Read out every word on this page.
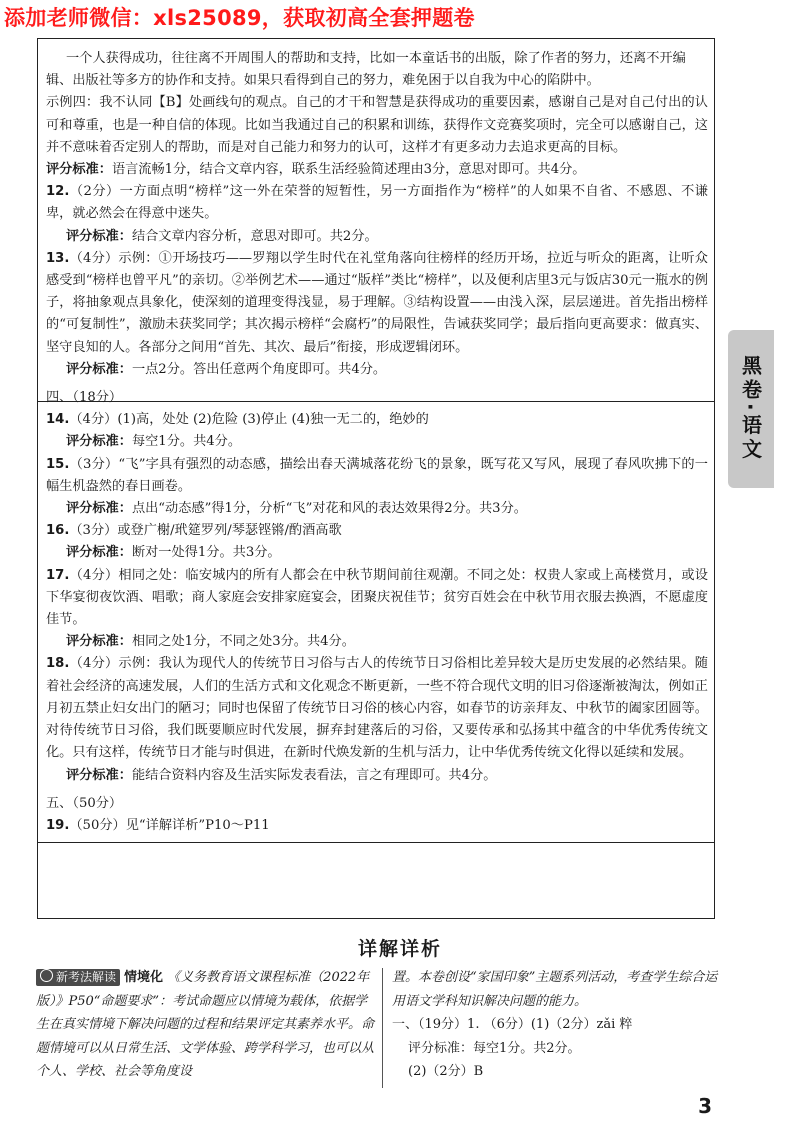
添加老师微信：xls25089，获取初高全套押题卷

一个人获得成功，往往离不开周围人的帮助和支持，比如一本童话书的出版，除了作者的努力，还离不开编

辑、出版社等多方的协作和支持。如果只看得到自己的努力，难免困于以自我为中心的陷阱中。

示例四：我不认同【B】处画线句的观点。自己的才干和智慧是获得成功的重要因素，感谢自己是对自己付出的认可和尊重，也是一种自信的体现。比如当我通过自己的积累和训练，获得作文竞赛奖项时，完全可以感谢自己，这并不意味着否定别人的帮助，而是对自己能力和努力的认可，这样才有更多动力去追求更高的目标。

评分标准：语言流畅1分，结合文章内容，联系生活经验简述理由3分，意思对即可。共4分。

12.（2分）一方面点明“榜样”这一外在荣誉的短暂性，另一方面指作为“榜样”的人如果不自省、不感恩、不谦卑，就必然会在得意中迷失。

评分标准：结合文章内容分析，意思对即可。共2分。

13.（4分）示例：①开场技巧——罗翔以学生时代在礼堂角落向往榜样的经历开场，拉近与听众的距离，让听众感受到“榜样也曾平凡”的亲切。②举例艺术——通过“版样”类比“榜样”，以及便利店里3元与饭店30元一瓶水的例子，将抽象观点具象化，使深刻的道理变得浅显，易于理解。③结构设置——由浅入深，层层递进。首先指出榜样的“可复制性”，激励未获奖同学；其次揭示榜样“会腐朽”的局限性，告诫获奖同学；最后指向更高要求：做真实、坚守良知的人。各部分之间用“首先、其次、最后”衔接，形成逻辑闭环。

评分标准：一点2分。答出任意两个角度即可。共4分。

四、（18分）

14.（4分）(1)高，处处 (2)危险 (3)停止 (4)独一无二的，绝妙的

评分标准：每空1分。共4分。

15.（3分）“飞”字具有强烈的动态感，描绘出春天满城落花纷飞的景象，既写花又写风，展现了春风吹拂下的一幅生机盎然的春日画卷。

评分标准：点出“动态感”得1分，分析“飞”对花和风的表达效果得2分。共3分。

16.（3分）或登广榭/玳筵罗列/琴瑟铿锵/酌酒高歌

评分标准：断对一处得1分。共3分。

17.（4分）相同之处：临安城内的所有人都会在中秋节期间前往观潮。不同之处：权贵人家或上高楼赏月，或设下华宴彻夜饮酒、唱歌；商人家庭会安排家庭宴会，团聚庆祝佳节；贫穷百姓会在中秋节用衣服去换酒，不愿虚度佳节。

评分标准：相同之处1分，不同之处3分。共4分。

18.（4分）示例：我认为现代人的传统节日习俗与古人的传统节日习俗相比差异较大是历史发展的必然结果。随着社会经济的高速发展，人们的生活方式和文化观念不断更新，一些不符合现代文明的旧习俗逐渐被淘汰，例如正月初五禁止妇女出门的陋习；同时也保留了传统节日习俗的核心内容，如春节的访亲拜友、中秋节的阖家团圆等。对待传统节日习俗，我们既要顺应时代发展，摒弃封建落后的习俗，又要传承和弘扬其中蕴含的中华优秀传统文化。只有这样，传统节日才能与时俱进，在新时代焕发新的生机与活力，让中华优秀传统文化得以延续和发展。

评分标准：能结合资料内容及生活实际发表看法，言之有理即可。共4分。

五、（50分）

19.（50分）见“详解详析”P10～P11

黑卷·语文
详解详析
新考法解读 情境化 《义务教育语文课程标准（2022年版）》P50“命题要求”：考试命题应以情境为载体，依据学生在真实情境下解决问题的过程和结果评定其素养水平。命题情境可以从日常生活、文学体验、跨学科学习，也可以从个人、学校、社会等角度设
置。本卷创设“家国印象”主题系列活动，考查学生综合运用语文学科知识解决问题的能力。
一、（19分）1. （6分）(1)（2分）zǎi 粹
评分标准：每空1分。共2分。
(2)（2分）B
3
